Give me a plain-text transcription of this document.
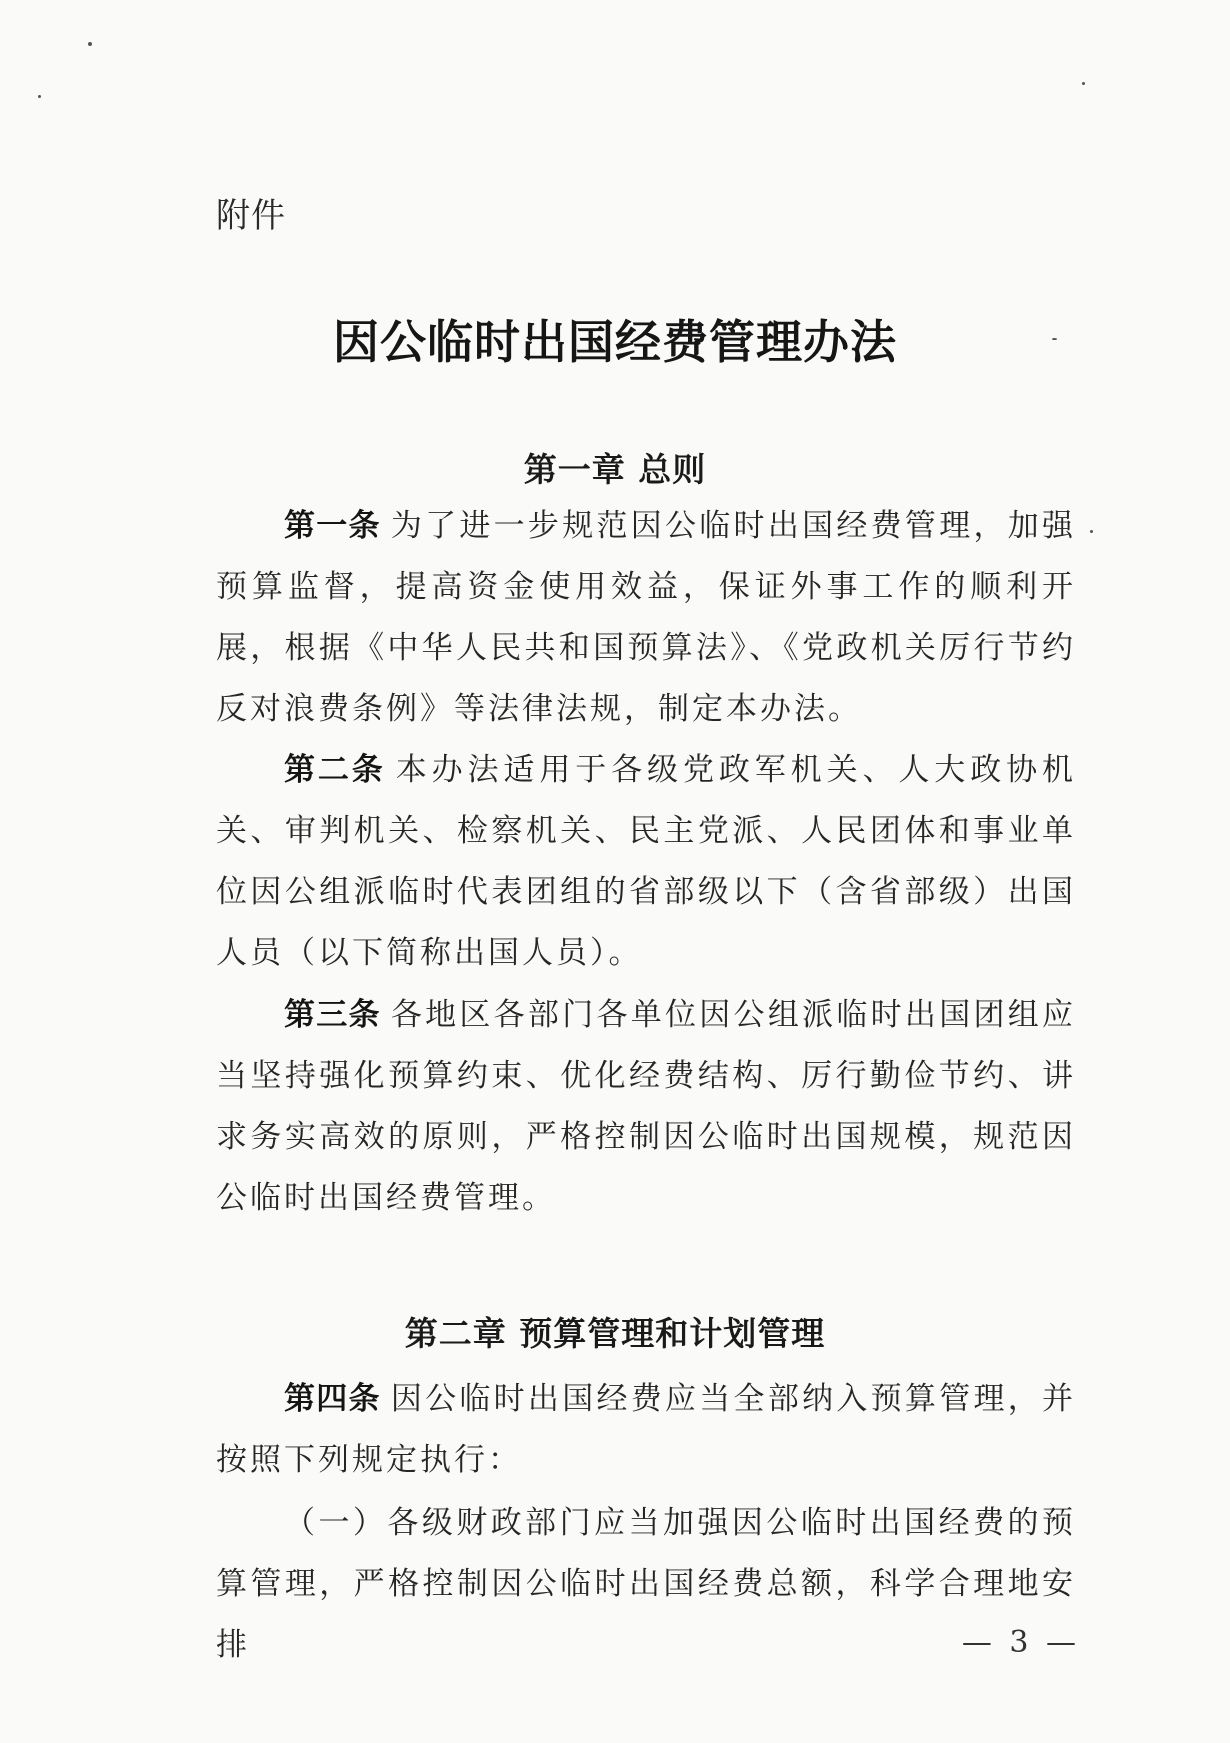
附件
因公临时出国经费管理办法
第一章 总则

第一条 为了进一步规范因公临时出国经费管理，加强预算监督，提高资金使用效益，保证外事工作的顺利开展，根据《中华人民共和国预算法》、《党政机关厉行节约反对浪费条例》等法律法规，制定本办法。

第二条 本办法适用于各级党政军机关、人大政协机关、审判机关、检察机关、民主党派、人民团体和事业单位因公组派临时代表团组的省部级以下（含省部级）出国人员（以下简称出国人员）。

第三条 各地区各部门各单位因公组派临时出国团组应当坚持强化预算约束、优化经费结构、厉行勤俭节约、讲求务实高效的原则，严格控制因公临时出国规模，规范因公临时出国经费管理。

第二章 预算管理和计划管理

第四条 因公临时出国经费应当全部纳入预算管理，并按照下列规定执行：

（一）各级财政部门应当加强因公临时出国经费的预算管理，严格控制因公临时出国经费总额，科学合理地安排	— 3 —
